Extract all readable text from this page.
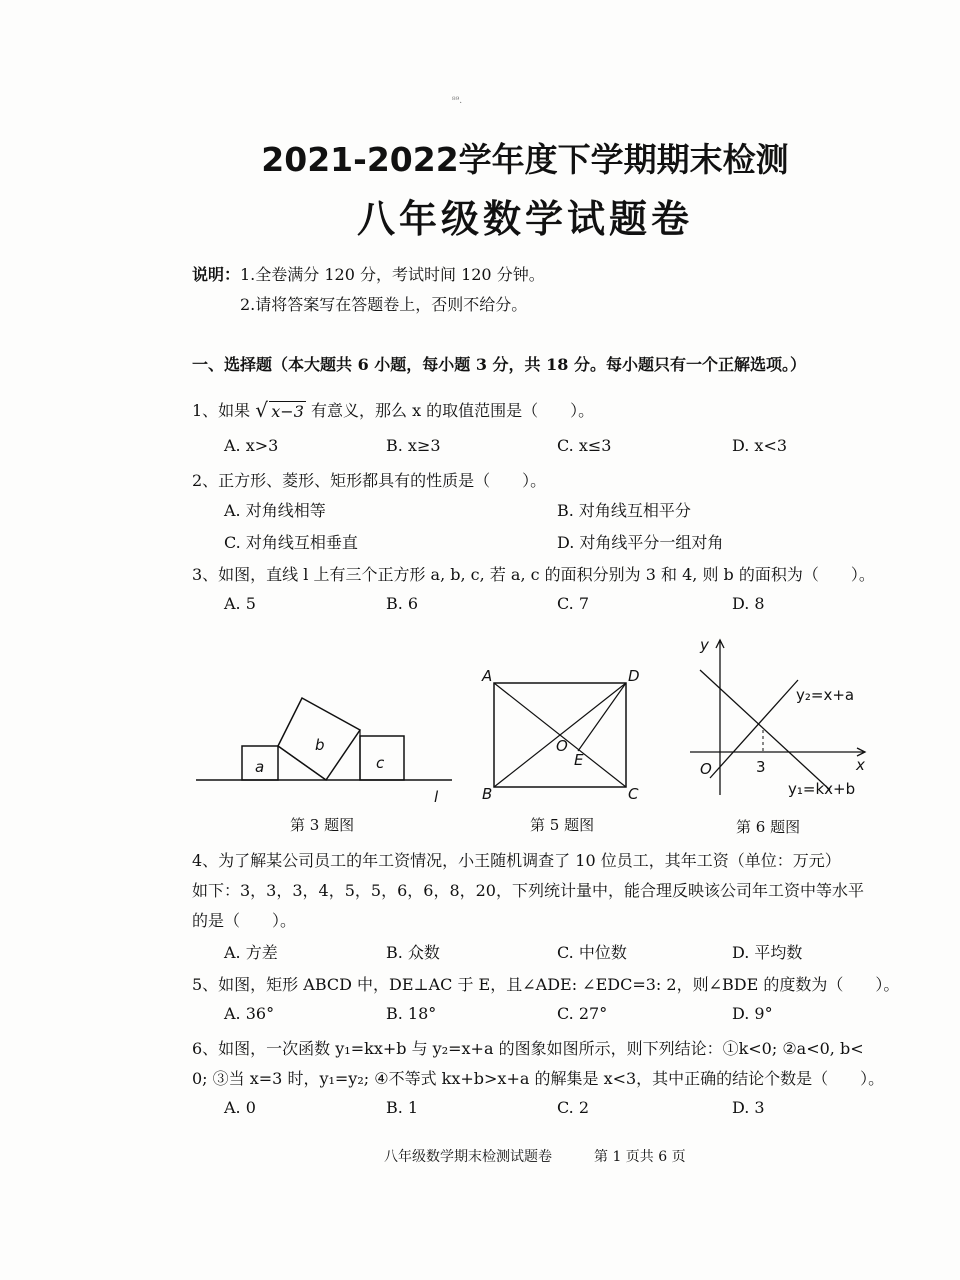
⁸⁹.
2021-2022学年度下学期期末检测
八年级数学试题卷
说明： 1.全卷满分 120 分，考试时间 120 分钟。
2.请将答案写在答题卷上，否则不给分。
一、选择题（本大题共 6 小题，每小题 3 分，共 18 分。每小题只有一个正解选项。）
1、如果 √ x−3 有意义，那么 x 的取值范围是（　　）。
A. x>3	B. x≥3	C. x≤3	D. x<3
2、正方形、菱形、矩形都具有的性质是（　　）。
A. 对角线相等	B. 对角线互相平分
C. 对角线互相垂直	D. 对角线平分一组对角
3、如图，直线 l 上有三个正方形 a, b, c, 若 a, c 的面积分别为 3 和 4, 则 b 的面积为（　　）。
A. 5	B. 6	C. 7	D. 8
a
b
c
l
第 3 题图
A	D
B	C
O
E
第 5 题图
y
x
O	3
y₂=x+a
y₁=kx+b
第 6 题图
4、为了解某公司员工的年工资情况，小王随机调查了 10 位员工，其年工资（单位：万元）
如下：3，3，3，4，5，5，6，6，8，20，下列统计量中，能合理反映该公司年工资中等水平
的是（　　）。
A. 方差	B. 众数	C. 中位数	D. 平均数
5、如图，矩形 ABCD 中，DE⊥AC 于 E，且∠ADE: ∠EDC=3: 2，则∠BDE 的度数为（　　）。
A. 36°	B. 18°	C. 27°	D. 9°
6、如图，一次函数 y₁=kx+b 与 y₂=x+a 的图象如图所示，则下列结论：①k<0; ②a<0, b<
0; ③当 x=3 时，y₁=y₂; ④不等式 kx+b>x+a 的解集是 x<3，其中正确的结论个数是（　　）。
A. 0	B. 1	C. 2	D. 3
八年级数学期末检测试题卷	第 1 页共 6 页
